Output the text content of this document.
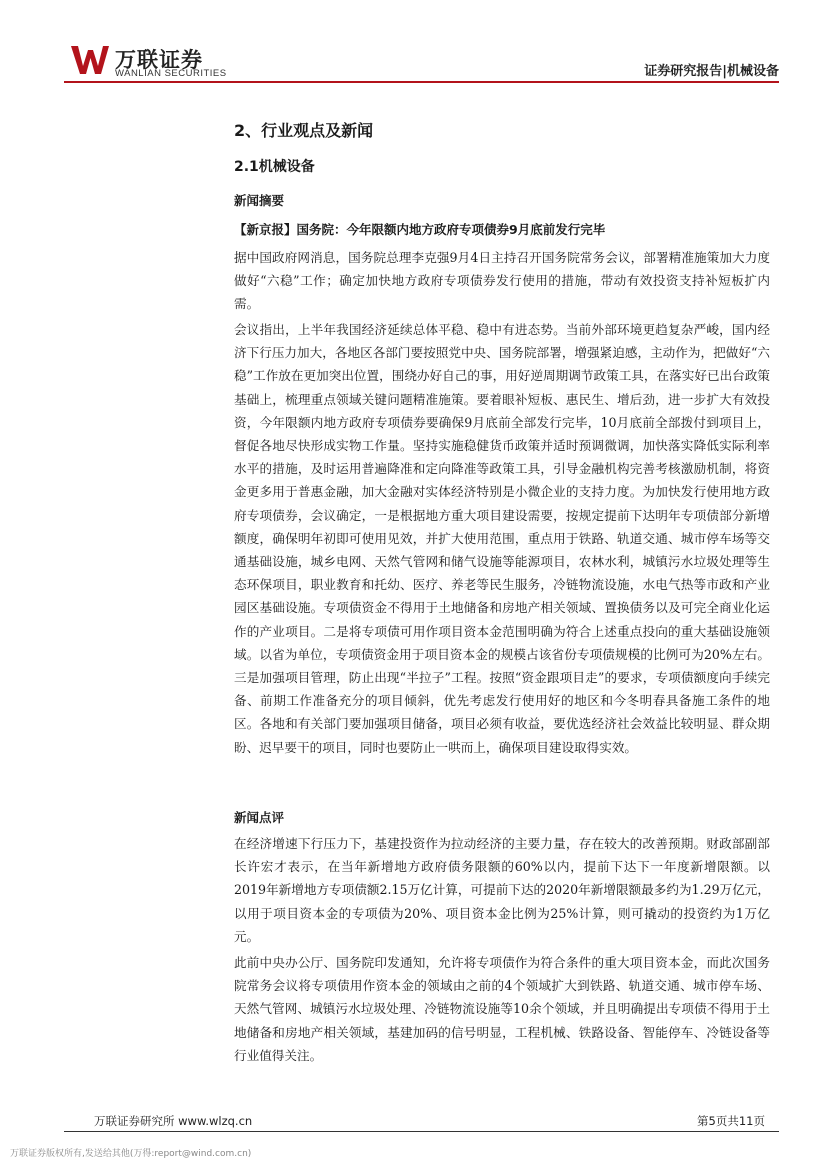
万联证券
WANLIAN SECURITIES	证券研究报告|机械设备
2、行业观点及新闻
2.1机械设备
新闻摘要
【新京报】国务院：今年限额内地方政府专项债券9月底前发行完毕

据中国政府网消息，国务院总理李克强9月4日主持召开国务院常务会议，部署精准施策加大力度做好“六稳”工作；确定加快地方政府专项债券发行使用的措施，带动有效投资支持补短板扩内需。

会议指出，上半年我国经济延续总体平稳、稳中有进态势。当前外部环境更趋复杂严峻，国内经济下行压力加大，各地区各部门要按照党中央、国务院部署，增强紧迫感，主动作为，把做好“六稳”工作放在更加突出位置，围绕办好自己的事，用好逆周期调节政策工具，在落实好已出台政策基础上，梳理重点领域关键问题精准施策。要着眼补短板、惠民生、增后劲，进一步扩大有效投资，今年限额内地方政府专项债券要确保9月底前全部发行完毕，10月底前全部拨付到项目上，督促各地尽快形成实物工作量。坚持实施稳健货币政策并适时预调微调，加快落实降低实际利率水平的措施，及时运用普遍降准和定向降准等政策工具，引导金融机构完善考核激励机制，将资金更多用于普惠金融，加大金融对实体经济特别是小微企业的支持力度。为加快发行使用地方政府专项债券，会议确定，一是根据地方重大项目建设需要，按规定提前下达明年专项债部分新增额度，确保明年初即可使用见效，并扩大使用范围，重点用于铁路、轨道交通、城市停车场等交通基础设施，城乡电网、天然气管网和储气设施等能源项目，农林水利，城镇污水垃圾处理等生态环保项目，职业教育和托幼、医疗、养老等民生服务，冷链物流设施，水电气热等市政和产业园区基础设施。专项债资金不得用于土地储备和房地产相关领域、置换债务以及可完全商业化运作的产业项目。二是将专项债可用作项目资本金范围明确为符合上述重点投向的重大基础设施领域。以省为单位，专项债资金用于项目资本金的规模占该省份专项债规模的比例可为20%左右。三是加强项目管理，防止出现“半拉子”工程。按照“资金跟项目走”的要求，专项债额度向手续完备、前期工作准备充分的项目倾斜，优先考虑发行使用好的地区和今冬明春具备施工条件的地区。各地和有关部门要加强项目储备，项目必须有收益，要优选经济社会效益比较明显、群众期盼、迟早要干的项目，同时也要防止一哄而上，确保项目建设取得实效。

新闻点评

在经济增速下行压力下，基建投资作为拉动经济的主要力量，存在较大的改善预期。财政部副部长许宏才表示，在当年新增地方政府债务限额的60%以内，提前下达下一年度新增限额。以2019年新增地方专项债额2.15万亿计算，可提前下达的2020年新增限额最多约为1.29万亿元，以用于项目资本金的专项债为20%、项目资本金比例为25%计算，则可撬动的投资约为1万亿元。

此前中央办公厅、国务院印发通知，允许将专项债作为符合条件的重大项目资本金，而此次国务院常务会议将专项债用作资本金的领域由之前的4个领域扩大到铁路、轨道交通、城市停车场、天然气管网、城镇污水垃圾处理、冷链物流设施等10余个领域，并且明确提出专项债不得用于土地储备和房地产相关领域，基建加码的信号明显，工程机械、铁路设备、智能停车、冷链设备等行业值得关注。

万联证券研究所 www.wlzq.cn	第5页共11页
万联证券版权所有,发送给其他(万得:report@wind.com.cn)
